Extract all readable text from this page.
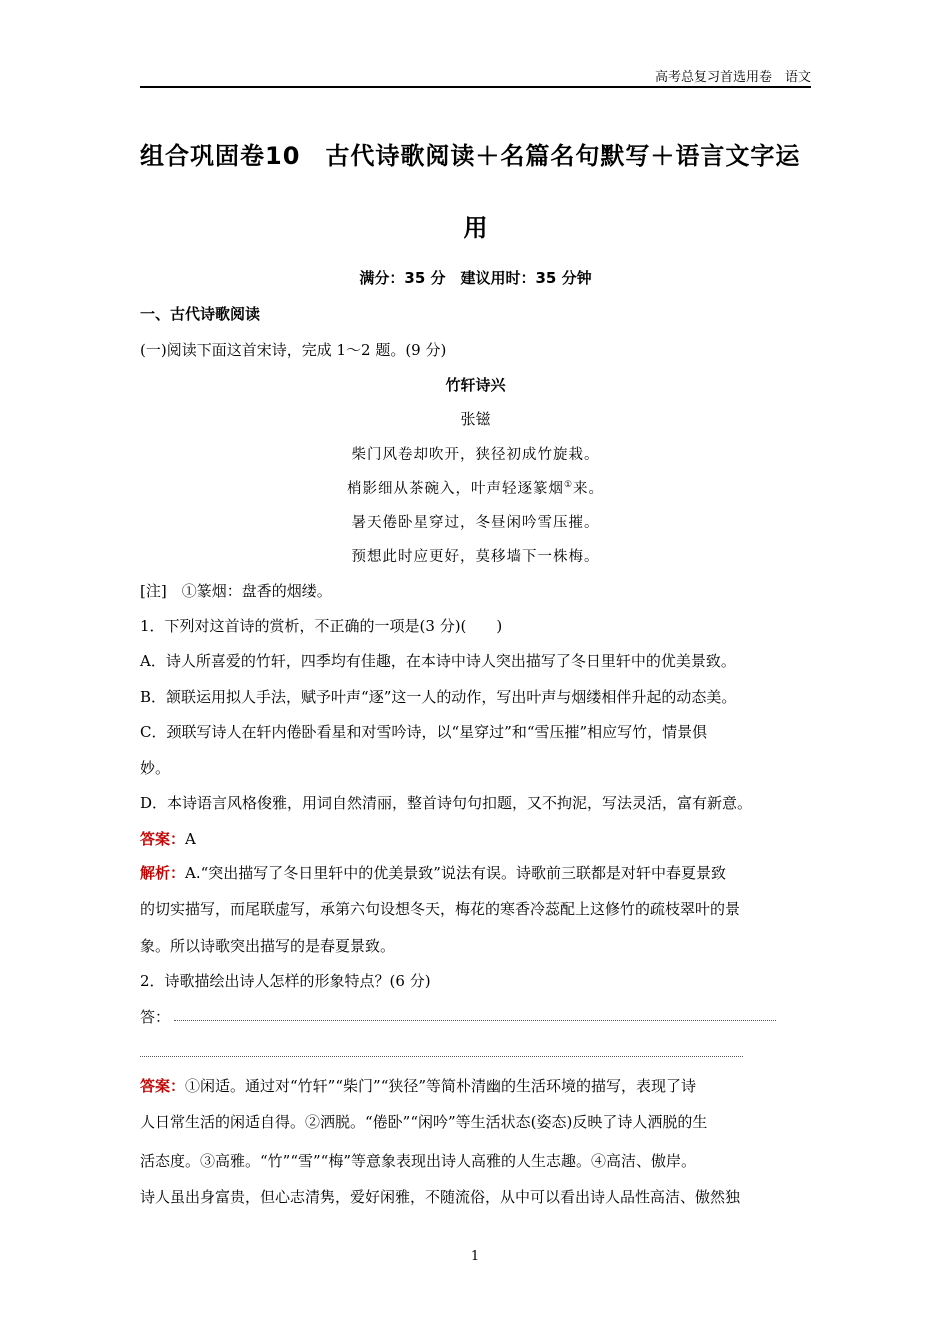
高考总复习首选用卷　语文
组合巩固卷10　古代诗歌阅读＋名篇名句默写＋语言文字运
用
满分：35 分　建议用时：35 分钟
一、古代诗歌阅读
(一)阅读下面这首宋诗，完成 1～2 题。(9 分)
竹轩诗兴
张镃
柴门风卷却吹开，狭径初成竹旋栽。
梢影细从茶碗入，叶声轻逐篆烟①来。
暑天倦卧星穿过，冬昼闲吟雪压摧。
预想此时应更好，莫移墙下一株梅。
[注]　①篆烟：盘香的烟缕。
1．下列对这首诗的赏析，不正确的一项是(3 分)(　　)
A．诗人所喜爱的竹轩，四季均有佳趣，在本诗中诗人突出描写了冬日里轩中的优美景致。
B．颔联运用拟人手法，赋予叶声“逐”这一人的动作，写出叶声与烟缕相伴升起的动态美。
C．颈联写诗人在轩内倦卧看星和对雪吟诗，以“星穿过”和“雪压摧”相应写竹，情景俱
妙。
D．本诗语言风格俊雅，用词自然清丽，整首诗句句扣题，又不拘泥，写法灵活，富有新意。
答案：A
解析：A.“突出描写了冬日里轩中的优美景致”说法有误。诗歌前三联都是对轩中春夏景致
的切实描写，而尾联虚写，承第六句设想冬天，梅花的寒香冷蕊配上这修竹的疏枝翠叶的景
象。所以诗歌突出描写的是春夏景致。
2．诗歌描绘出诗人怎样的形象特点？(6 分)
答：
答案：①闲适。通过对“竹轩”“柴门”“狭径”等简朴清幽的生活环境的描写，表现了诗
人日常生活的闲适自得。②洒脱。“倦卧”“闲吟”等生活状态(姿态)反映了诗人洒脱的生
活态度。③高雅。“竹”“雪”“梅”等意象表现出诗人高雅的人生志趣。④高洁、傲岸。
诗人虽出身富贵，但心志清隽，爱好闲雅，不随流俗，从中可以看出诗人品性高洁、傲然独
1
